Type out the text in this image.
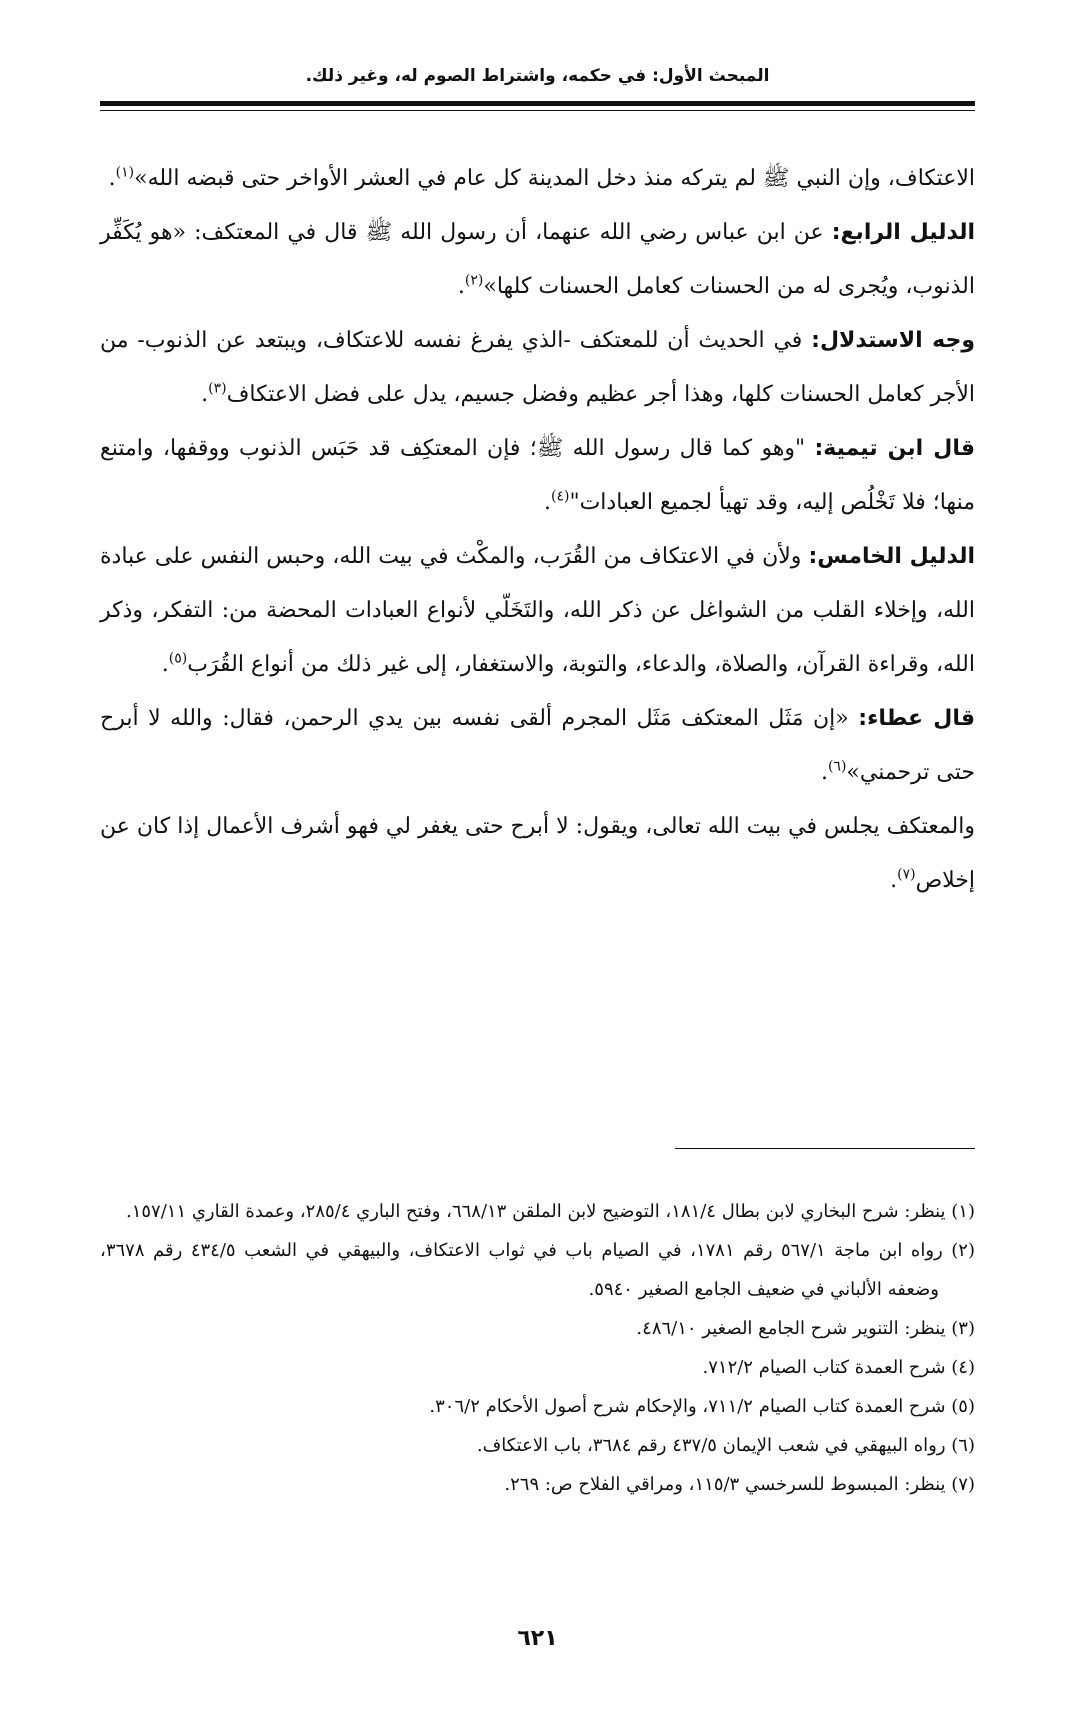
المبحث الأول: في حكمه، واشتراط الصوم له، وغير ذلك.

الاعتكاف، وإن النبي ﷺ لم يتركه منذ دخل المدينة كل عام في العشر الأواخر حتى قبضه الله»$^{(١)}$.

الدليل الرابع: عن ابن عباس رضي الله عنهما، أن رسول الله ﷺ قال في المعتكف: «هو يُكَفِّر الذنوب، ويُجرى له من الحسنات كعامل الحسنات كلها»$^{(٢)}$.

وجه الاستدلال: في الحديث أن للمعتكف -الذي يفرغ نفسه للاعتكاف، ويبتعد عن الذنوب- من الأجر كعامل الحسنات كلها، وهذا أجر عظيم وفضل جسيم، يدل على فضل الاعتكاف$^{(٣)}$.

قال ابن تيمية: "وهو كما قال رسول الله ﷺ؛ فإن المعتكِف قد حَبَس الذنوب ووقفها، وامتنع منها؛ فلا تَخْلُص إليه، وقد تهيأ لجميع العبادات"$^{(٤)}$.

الدليل الخامس: ولأن في الاعتكاف من القُرَب، والمكْث في بيت الله، وحبس النفس على عبادة الله، وإخلاء القلب من الشواغل عن ذكر الله، والتَخَلّي لأنواع العبادات المحضة من: التفكر، وذكر الله، وقراءة القرآن، والصلاة، والدعاء، والتوبة، والاستغفار، إلى غير ذلك من أنواع القُرَب$^{(٥)}$.

قال عطاء: «إن مَثَل المعتكف مَثَل المجرم ألقى نفسه بين يدي الرحمن، فقال: والله لا أبرح حتى ترحمني»$^{(٦)}$.

والمعتكف يجلس في بيت الله تعالى، ويقول: لا أبرح حتى يغفر لي فهو أشرف الأعمال إذا كان عن إخلاص$^{(٧)}$.

(١) ينظر: شرح البخاري لابن بطال ١٨١/٤، التوضيح لابن الملقن ٦٦٨/١٣، وفتح الباري ٢٨٥/٤، وعمدة القاري ١٥٧/١١.

(٢) رواه ابن ماجة ٥٦٧/١ رقم ١٧٨١، في الصيام باب في ثواب الاعتكاف، والبيهقي في الشعب ٤٣٤/٥ رقم ٣٦٧٨، وضعفه الألباني في ضعيف الجامع الصغير ٥٩٤٠.

(٣) ينظر: التنوير شرح الجامع الصغير ٤٨٦/١٠.

(٤) شرح العمدة كتاب الصيام ٧١٢/٢.

(٥) شرح العمدة كتاب الصيام ٧١١/٢، والإحكام شرح أصول الأحكام ٣٠٦/٢.

(٦) رواه البيهقي في شعب الإيمان ٤٣٧/٥ رقم ٣٦٨٤، باب الاعتكاف.

(٧) ينظر: المبسوط للسرخسي ١١٥/٣، ومراقي الفلاح ص: ٢٦٩.

٦٢١
